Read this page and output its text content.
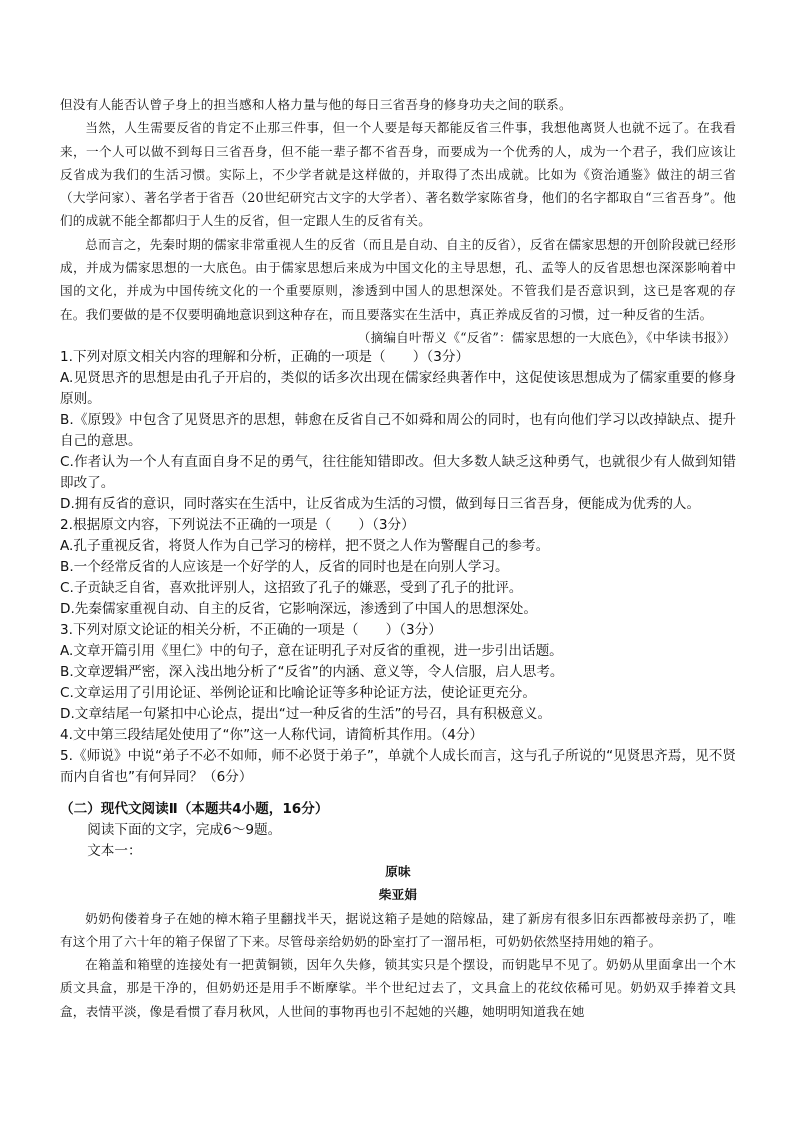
但没有人能否认曾子身上的担当感和人格力量与他的每日三省吾身的修身功夫之间的联系。

当然，人生需要反省的肯定不止那三件事，但一个人要是每天都能反省三件事，我想他离贤人也就不远了。在我看来，一个人可以做不到每日三省吾身，但不能一辈子都不省吾身，而要成为一个优秀的人，成为一个君子，我们应该让反省成为我们的生活习惯。实际上，不少学者就是这样做的，并取得了杰出成就。比如为《资治通鉴》做注的胡三省（大学问家）、著名学者于省吾（20世纪研究古文字的大学者）、著名数学家陈省身，他们的名字都取自“三省吾身”。他们的成就不能全都都归于人生的反省，但一定跟人生的反省有关。

总而言之，先秦时期的儒家非常重视人生的反省（而且是自动、自主的反省），反省在儒家思想的开创阶段就已经形成，并成为儒家思想的一大底色。由于儒家思想后来成为中国文化的主导思想，孔、孟等人的反省思想也深深影响着中国的文化，并成为中国传统文化的一个重要原则，渗透到中国人的思想深处。不管我们是否意识到，这已是客观的存在。我们要做的是不仅要明确地意识到这种存在，而且要落实在生活中，真正养成反省的习惯，过一种反省的生活。

（摘编自叶帮义《“反省”：儒家思想的一大底色》，《中华读书报》）

1.下列对原文相关内容的理解和分析，正确的一项是（　　）（3分）

A.见贤思齐的思想是由孔子开启的，类似的话多次出现在儒家经典著作中，这促使该思想成为了儒家重要的修身原则。

B.《原毁》中包含了见贤思齐的思想，韩愈在反省自己不如舜和周公的同时，也有向他们学习以改掉缺点、提升自己的意思。

C.作者认为一个人有直面自身不足的勇气，往往能知错即改。但大多数人缺乏这种勇气，也就很少有人做到知错即改了。

D.拥有反省的意识，同时落实在生活中，让反省成为生活的习惯，做到每日三省吾身，便能成为优秀的人。

2.根据原文内容，下列说法不正确的一项是（　　）（3分）

A.孔子重视反省，将贤人作为自己学习的榜样，把不贤之人作为警醒自己的参考。

B.一个经常反省的人应该是一个好学的人，反省的同时也是在向别人学习。

C.子贡缺乏自省，喜欢批评别人，这招致了孔子的嫌恶，受到了孔子的批评。

D.先秦儒家重视自动、自主的反省，它影响深远，渗透到了中国人的思想深处。

3.下列对原文论证的相关分析，不正确的一项是（　　）（3分）

A.文章开篇引用《里仁》中的句子，意在证明孔子对反省的重视，进一步引出话题。

B.文章逻辑严密，深入浅出地分析了“反省”的内涵、意义等，令人信服，启人思考。

C.文章运用了引用论证、举例论证和比喻论证等多种论证方法，使论证更充分。

D.文章结尾一句紧扣中心论点，提出“过一种反省的生活”的号召，具有积极意义。

4.文中第三段结尾处使用了“你”这一人称代词，请简析其作用。（4分）

5.《师说》中说“弟子不必不如师，师不必贤于弟子”，单就个人成长而言，这与孔子所说的“见贤思齐焉，见不贤而内自省也”有何异同？（6分）

（二）现代文阅读Ⅱ（本题共4小题，16分）

阅读下面的文字，完成6～9题。

文本一：

原味

柴亚娟

奶奶佝偻着身子在她的樟木箱子里翻找半天，据说这箱子是她的陪嫁品，建了新房有很多旧东西都被母亲扔了，唯有这个用了六十年的箱子保留了下来。尽管母亲给奶奶的卧室打了一溜吊柜，可奶奶依然坚持用她的箱子。

在箱盖和箱壁的连接处有一把黄铜锁，因年久失修，锁其实只是个摆设，而钥匙早不见了。奶奶从里面拿出一个木质文具盒，那是干净的，但奶奶还是用手不断摩挲。半个世纪过去了，文具盒上的花纹依稀可见。奶奶双手捧着文具盒，表情平淡，像是看惯了春月秋风，人世间的事物再也引不起她的兴趣，她明明知道我在她
